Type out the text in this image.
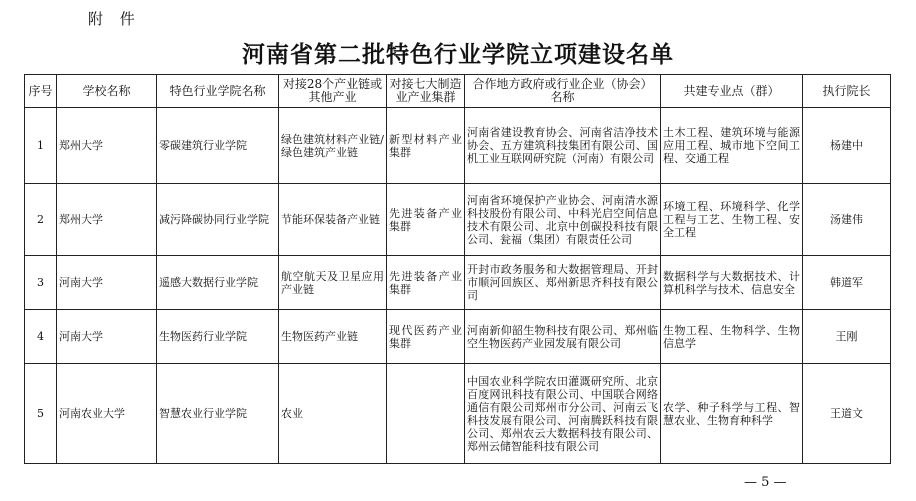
附 件
河南省第二批特色行业学院立项建设名单
序号	学校名称	特色行业学院名称	对接28个产业链或其他产业	对接七大制造业产业集群	合作地方政府或行业企业（协会）名称	共建专业点（群）	执行院长
1	郑州大学	零碳建筑行业学院	绿色建筑材料产业链/绿色建筑产业链	新型材料产业集群	河南省建设教育协会、河南省洁净技术协会、五方建筑科技集团有限公司、国机工业互联网研究院（河南）有限公司	土木工程、建筑环境与能源应用工程、城市地下空间工程、交通工程	杨建中
2	郑州大学	减污降碳协同行业学院	节能环保装备产业链	先进装备产业集群	河南省环境保护产业协会、河南清水源科技股份有限公司、中科光启空间信息技术有限公司、北京中创碳投科技有限公司、瓮福（集团）有限责任公司	环境工程、环境科学、化学工程与工艺、生物工程、安全工程	汤建伟
3	河南大学	遥感大数据行业学院	航空航天及卫星应用产业链	先进装备产业集群	开封市政务服务和大数据管理局、开封市顺河回族区、郑州新思齐科技有限公司	数据科学与大数据技术、计算机科学与技术、信息安全	韩道军
4	河南大学	生物医药行业学院	生物医药产业链	现代医药产业集群	河南新仰韶生物科技有限公司、郑州临空生物医药产业园发展有限公司	生物工程、生物科学、生物信息学	王刚
5	河南农业大学	智慧农业行业学院	农业		中国农业科学院农田灌溉研究所、北京百度网讯科技有限公司、中国联合网络通信有限公司郑州市分公司、河南云飞科技发展有限公司、河南腾跃科技有限公司、郑州农云大数据科技有限公司、郑州云储智能科技有限公司	农学、种子科学与工程、智慧农业、生物育种科学	王道文
— 5 —
